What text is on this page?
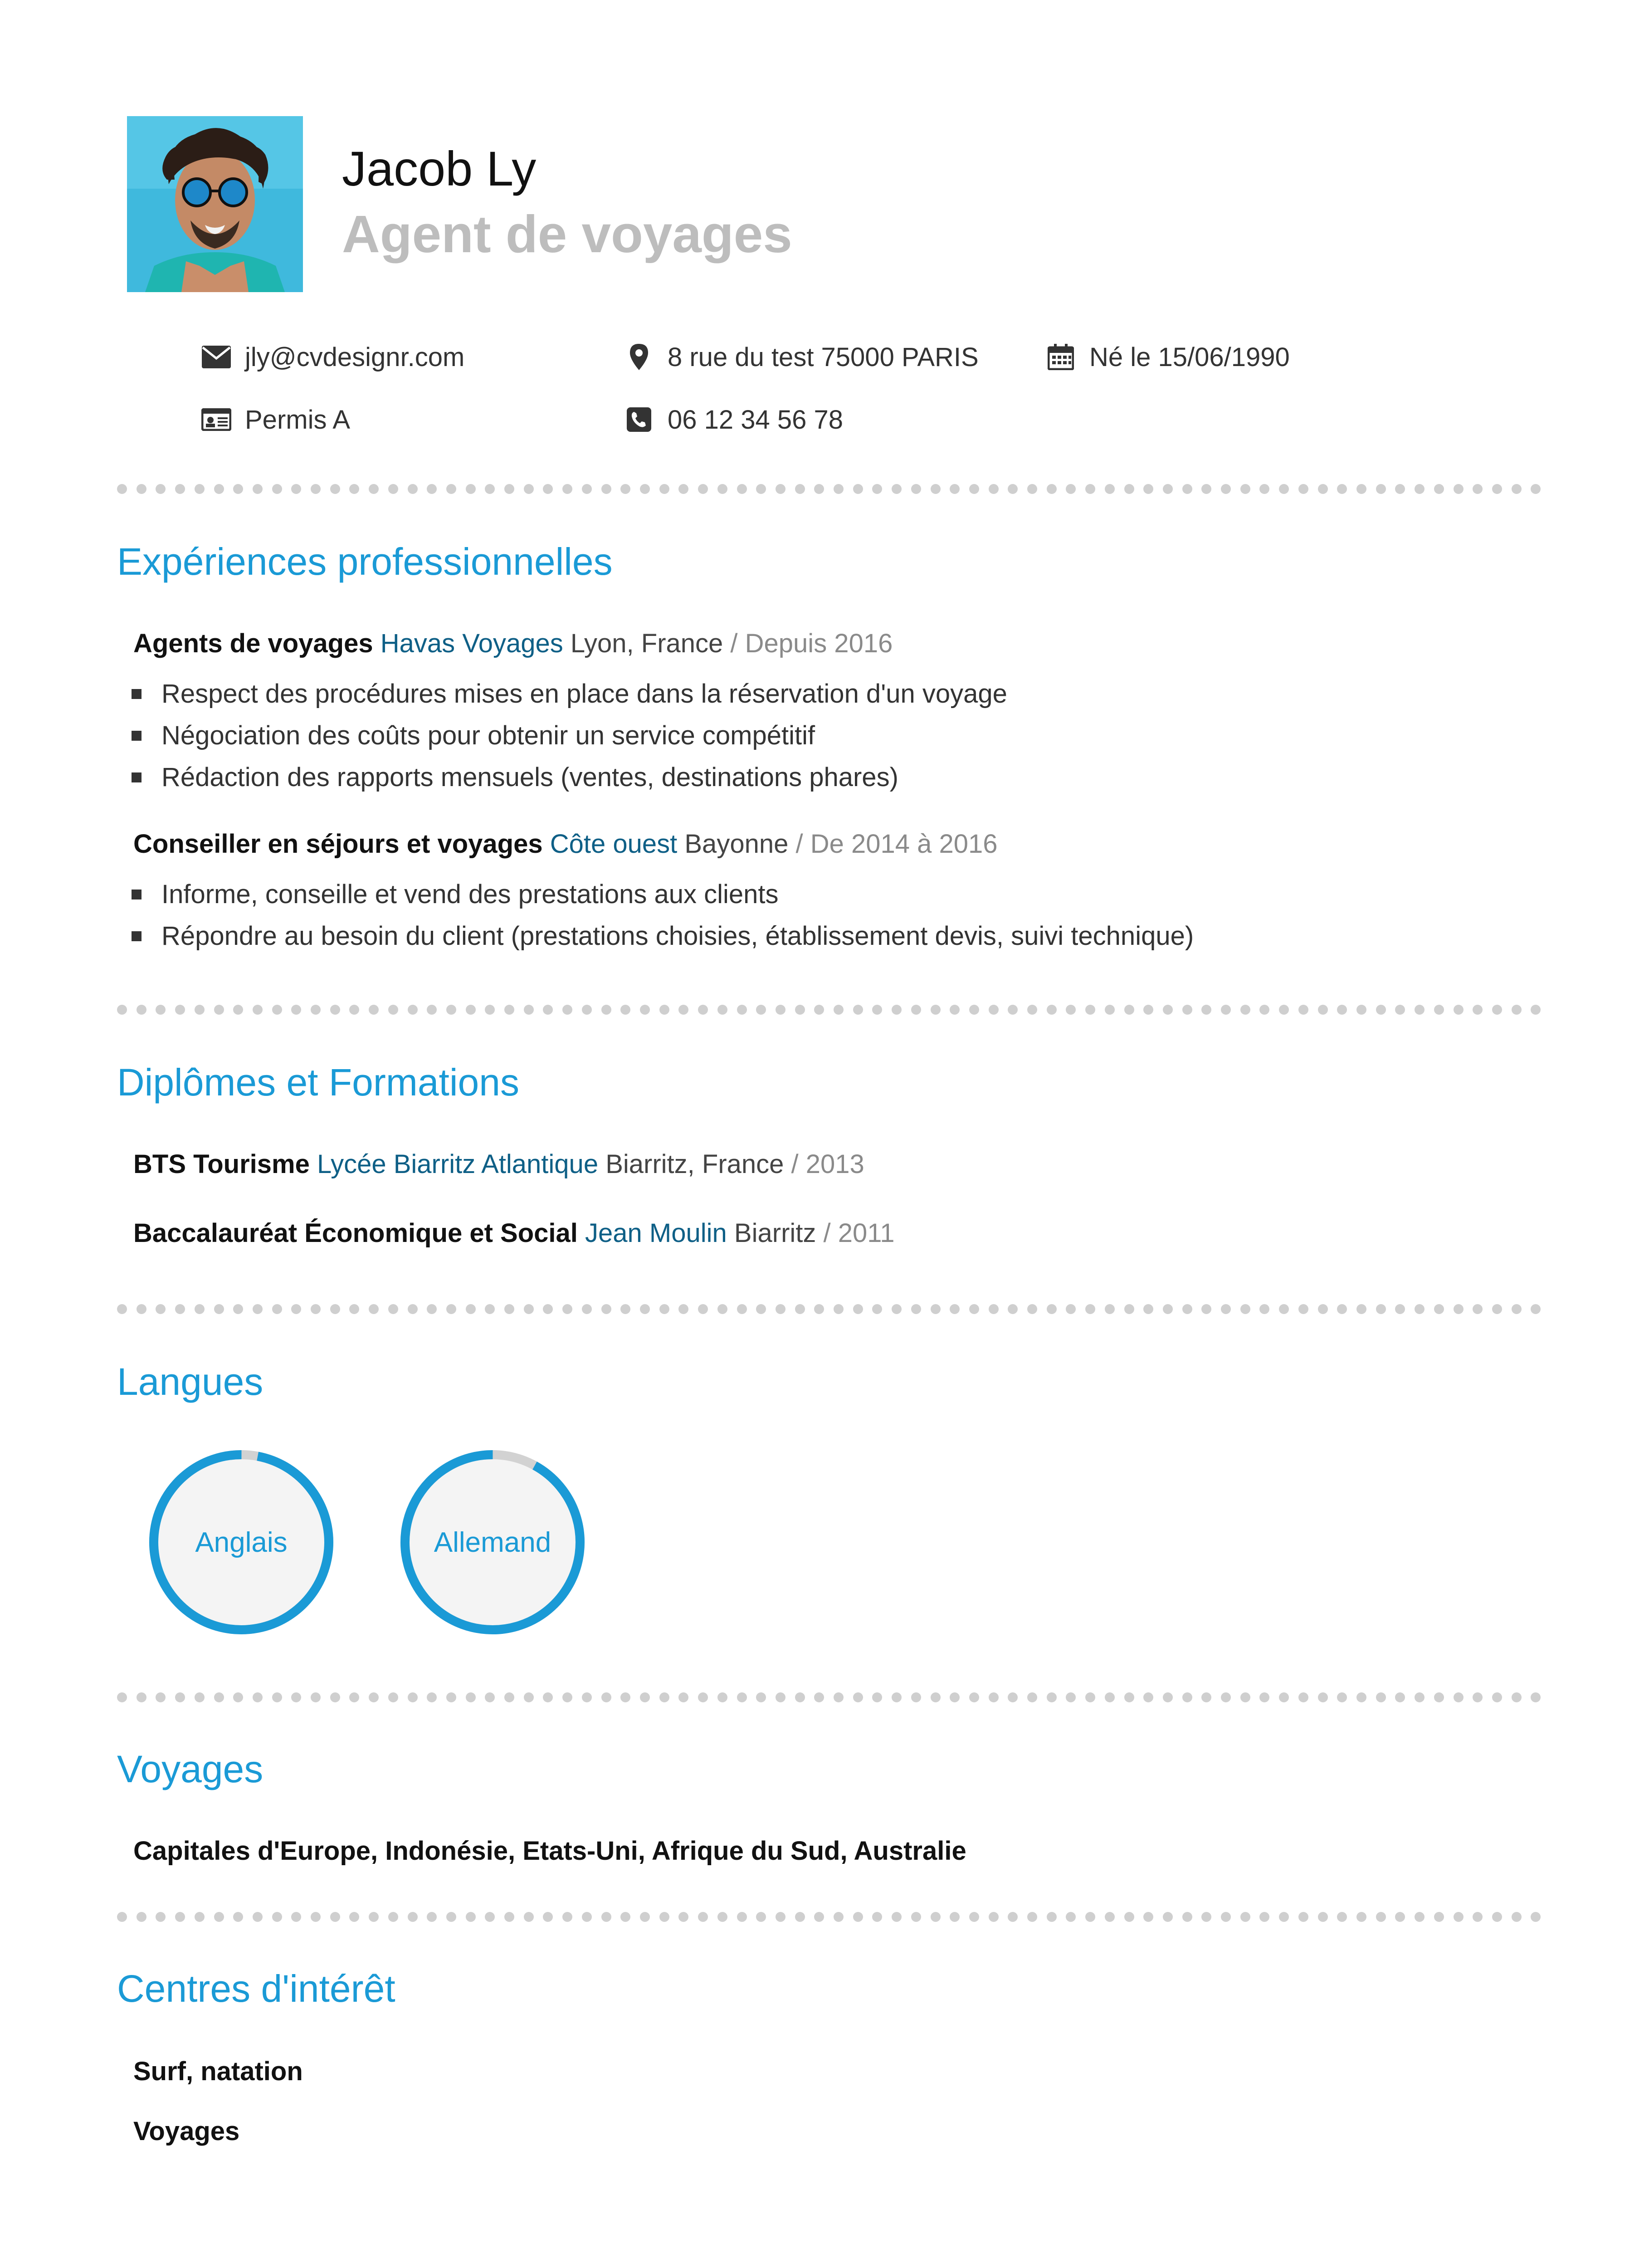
Jacob Ly
Agent de voyages
jly@cvdesignr.com	8 rue du test 75000 PARIS	Né le 15/06/1990
Permis A	06 12 34 56 78
Expériences professionnelles
Agents de voyages Havas Voyages Lyon, France / Depuis 2016
Respect des procédures mises en place dans la réservation d'un voyage
Négociation des coûts pour obtenir un service compétitif
Rédaction des rapports mensuels (ventes, destinations phares)
Conseiller en séjours et voyages Côte ouest Bayonne / De 2014 à 2016
Informe, conseille et vend des prestations aux clients
Répondre au besoin du client (prestations choisies, établissement devis, suivi technique)
Diplômes et Formations
BTS Tourisme Lycée Biarritz Atlantique Biarritz, France / 2013
Baccalauréat Économique et Social Jean Moulin Biarritz / 2011
Langues
Anglais	Allemand
Voyages
Capitales d'Europe, Indonésie, Etats-Uni, Afrique du Sud, Australie
Centres d'intérêt
Surf, natation
Voyages
